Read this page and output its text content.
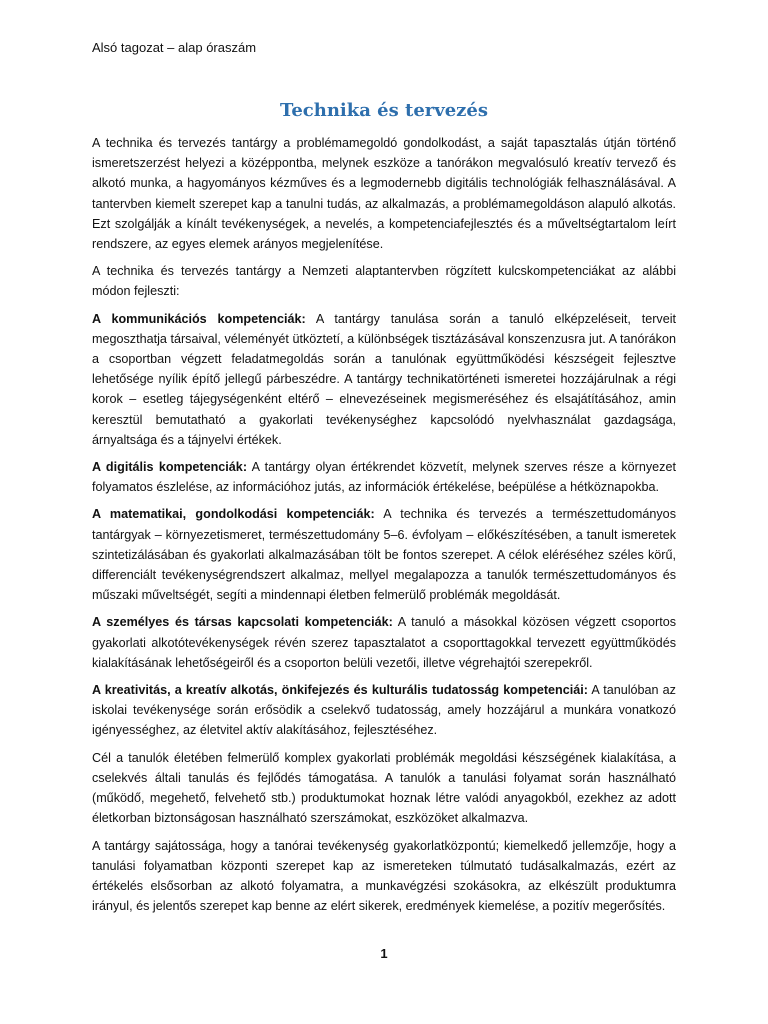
Alsó tagozat – alap óraszám
Technika és tervezés

A technika és tervezés tantárgy a problémamegoldó gondolkodást, a saját tapasztalás útján történő ismeretszerzést helyezi a középpontba, melynek eszköze a tanórákon megvalósuló kreatív tervező és alkotó munka, a hagyományos kézműves és a legmodernebb digitális technológiák felhasználásával. A tantervben kiemelt szerepet kap a tanulni tudás, az alkalmazás, a problémamegoldáson alapuló alkotás. Ezt szolgálják a kínált tevékenységek, a nevelés, a kompetenciafejlesztés és a műveltségtartalom leírt rendszere, az egyes elemek arányos megjelenítése.

A technika és tervezés tantárgy a Nemzeti alaptantervben rögzített kulcskompetenciákat az alábbi módon fejleszti:

A kommunikációs kompetenciák: A tantárgy tanulása során a tanuló elképzeléseit, terveit megoszthatja társaival, véleményét ütköztetí, a különbségek tisztázásával konszenzusra jut. A tanórákon a csoportban végzett feladatmegoldás során a tanulónak együttműködési készségeit fejlesztve lehetősége nyílik építő jellegű párbeszédre. A tantárgy technikatörténeti ismeretei hozzájárulnak a régi korok – esetleg tájegységenként eltérő – elnevezéseinek megismeréséhez és elsajátításához, amin keresztül bemutatható a gyakorlati tevékenységhez kapcsolódó nyelvhasználat gazdagsága, árnyaltsága és a tájnyelvi értékek.

A digitális kompetenciák: A tantárgy olyan értékrendet közvetít, melynek szerves része a környezet folyamatos észlelése, az információhoz jutás, az információk értékelése, beépülése a hétköznapokba.

A matematikai, gondolkodási kompetenciák: A technika és tervezés a természettudományos tantárgyak – környezetismeret, természettudomány 5–6. évfolyam – előkészítésében, a tanult ismeretek szintetizálásában és gyakorlati alkalmazásában tölt be fontos szerepet. A célok eléréséhez széles körű, differenciált tevékenységrendszert alkalmaz, mellyel megalapozza a tanulók természettudományos és műszaki műveltségét, segíti a mindennapi életben felmerülő problémák megoldását.

A személyes és társas kapcsolati kompetenciák: A tanuló a másokkal közösen végzett csoportos gyakorlati alkotótevékenységek révén szerez tapasztalatot a csoporttagokkal tervezett együttműködés kialakításának lehetőségeiről és a csoporton belüli vezetői, illetve végrehajtói szerepekről.

A kreativitás, a kreatív alkotás, önkifejezés és kulturális tudatosság kompetenciái: A tanulóban az iskolai tevékenysége során erősödik a cselekvő tudatosság, amely hozzájárul a munkára vonatkozó igényességhez, az életvitel aktív alakításához, fejlesztéséhez.

Cél a tanulók életében felmerülő komplex gyakorlati problémák megoldási készségének kialakítása, a cselekvés általi tanulás és fejlődés támogatása. A tanulók a tanulási folyamat során használható (működő, megehető, felvehető stb.) produktumokat hoznak létre valódi anyagokból, ezekhez az adott életkorban biztonságosan használható szerszámokat, eszközöket alkalmazva.

A tantárgy sajátossága, hogy a tanórai tevékenység gyakorlatközpontú; kiemelkedő jellemzője, hogy a tanulási folyamatban központi szerepet kap az ismereteken túlmutató tudásalkalmazás, ezért az értékelés elsősorban az alkotó folyamatra, a munkavégzési szokásokra, az elkészült produktumra irányul, és jelentős szerepet kap benne az elért sikerek, eredmények kiemelése, a pozitív megerősítés.

1
